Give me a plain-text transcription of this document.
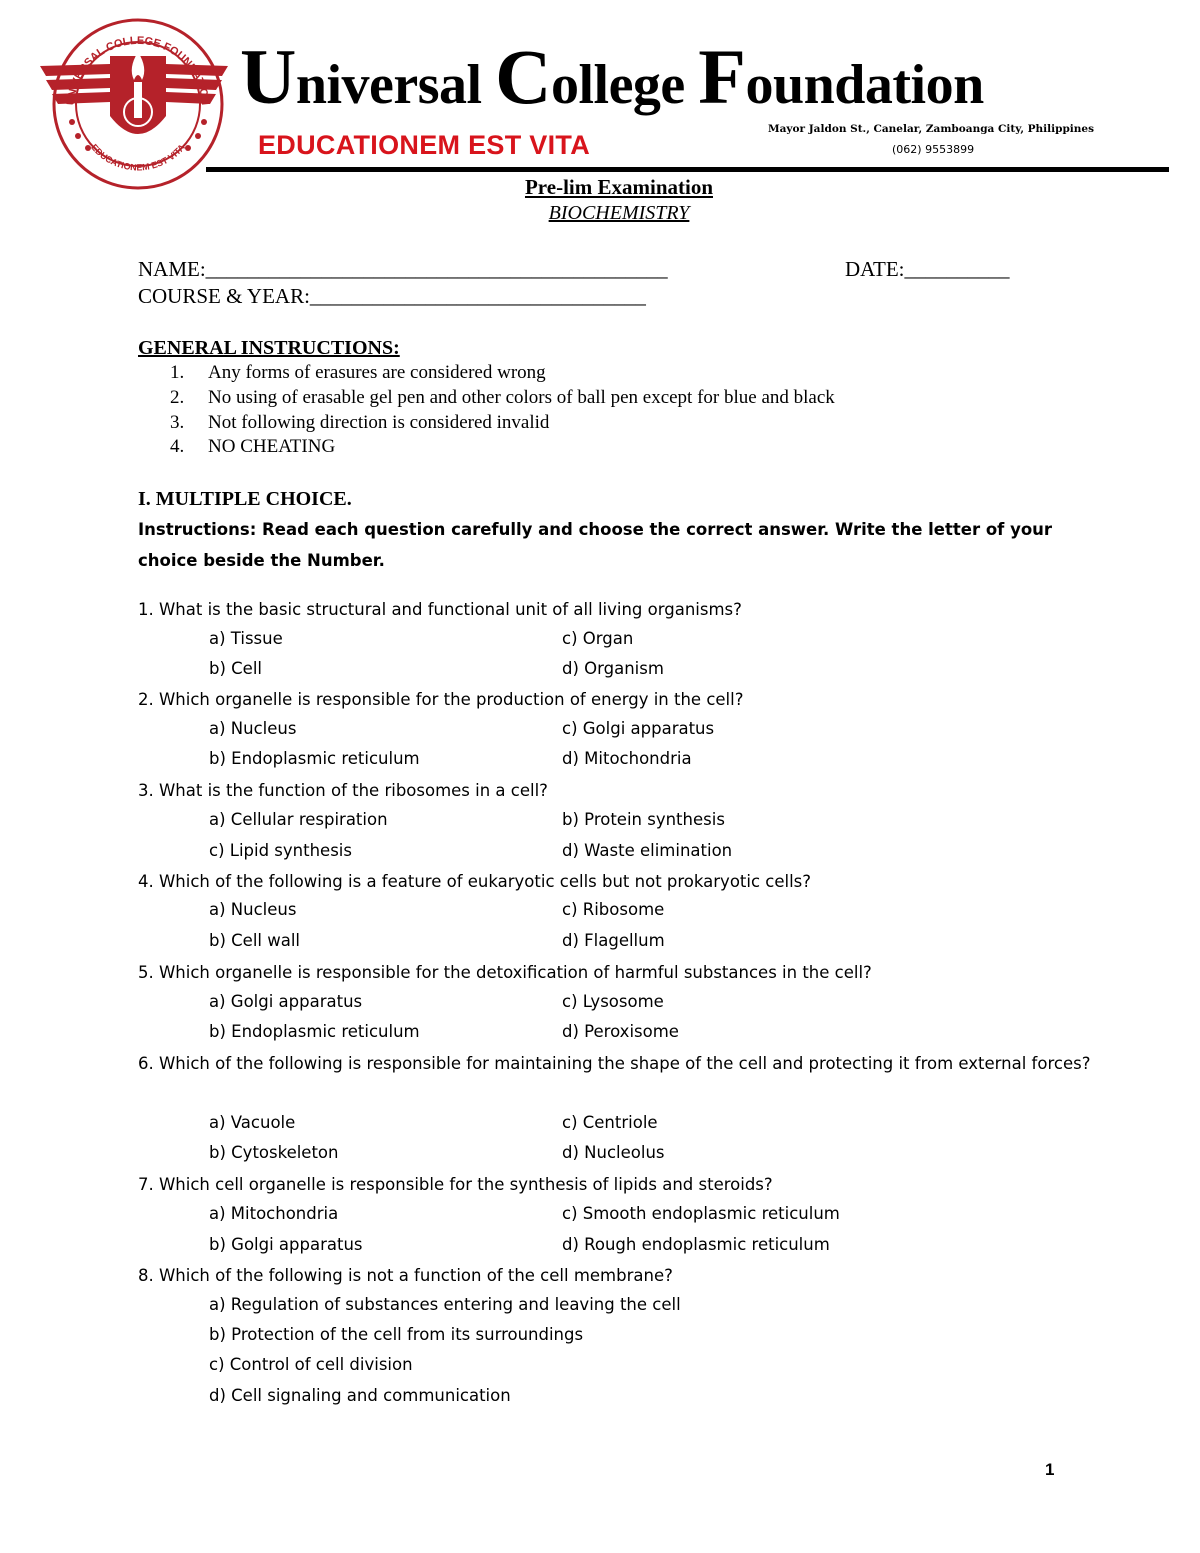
UNIVERSAL COLLEGE FOUNDATION
EDUCATIONEM EST VITA
Universal College Foundation
EDUCATIONEM EST VITA
Mayor Jaldon St., Canelar, Zamboanga City, Philippines
(062) 9553899
Pre-lim Examination
BIOCHEMISTRY
NAME:____________________________________________	DATE:__________
COURSE & YEAR:________________________________
GENERAL INSTRUCTIONS:
1. Any forms of erasures are considered wrong
2. No using of erasable gel pen and other colors of ball pen except for blue and black
3. Not following direction is considered invalid
4. NO CHEATING
I. MULTIPLE CHOICE.
Instructions: Read each question carefully and choose the correct answer. Write the letter of your choice beside the Number.
1. What is the basic structural and functional unit of all living organisms?
a) Tissue	c) Organ
b) Cell	d) Organism
2. Which organelle is responsible for the production of energy in the cell?
a) Nucleus	c) Golgi apparatus
b) Endoplasmic reticulum	d) Mitochondria
3. What is the function of the ribosomes in a cell?
a) Cellular respiration	b) Protein synthesis
c) Lipid synthesis	d) Waste elimination
4. Which of the following is a feature of eukaryotic cells but not prokaryotic cells?
a) Nucleus	c) Ribosome
b) Cell wall	d) Flagellum
5. Which organelle is responsible for the detoxification of harmful substances in the cell?
a) Golgi apparatus	c) Lysosome
b) Endoplasmic reticulum	d) Peroxisome
6. Which of the following is responsible for maintaining the shape of the cell and protecting it from external forces?
a) Vacuole	c) Centriole
b) Cytoskeleton	d) Nucleolus
7. Which cell organelle is responsible for the synthesis of lipids and steroids?
a) Mitochondria	c) Smooth endoplasmic reticulum
b) Golgi apparatus	d) Rough endoplasmic reticulum
8. Which of the following is not a function of the cell membrane?
a) Regulation of substances entering and leaving the cell
b) Protection of the cell from its surroundings
c) Control of cell division
d) Cell signaling and communication
1
